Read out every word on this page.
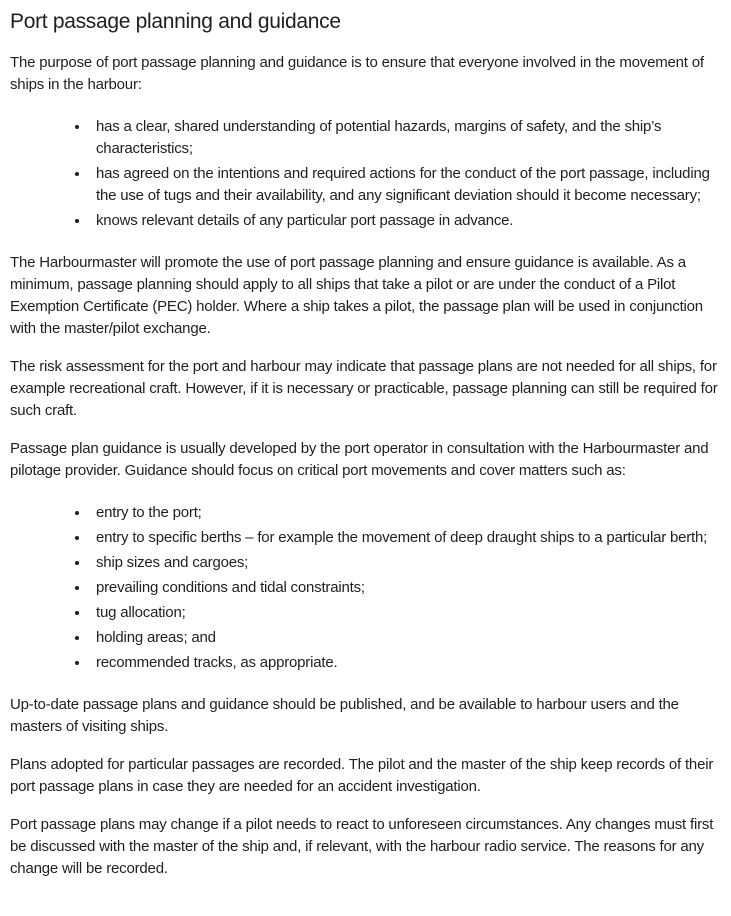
Port passage planning and guidance

The purpose of port passage planning and guidance is to ensure that everyone involved in the movement of ships in the harbour:

• has a clear, shared understanding of potential hazards, margins of safety, and the ship’s characteristics;
• has agreed on the intentions and required actions for the conduct of the port passage, including the use of tugs and their availability, and any significant deviation should it become necessary;
• knows relevant details of any particular port passage in advance.

The Harbourmaster will promote the use of port passage planning and ensure guidance is available. As a minimum, passage planning should apply to all ships that take a pilot or are under the conduct of a Pilot Exemption Certificate (PEC) holder. Where a ship takes a pilot, the passage plan will be used in conjunction with the master/pilot exchange.

The risk assessment for the port and harbour may indicate that passage plans are not needed for all ships, for example recreational craft. However, if it is necessary or practicable, passage planning can still be required for such craft.

Passage plan guidance is usually developed by the port operator in consultation with the Harbourmaster and pilotage provider. Guidance should focus on critical port movements and cover matters such as:

• entry to the port;
• entry to specific berths – for example the movement of deep draught ships to a particular berth;
• ship sizes and cargoes;
• prevailing conditions and tidal constraints;
• tug allocation;
• holding areas; and
• recommended tracks, as appropriate.

Up-to-date passage plans and guidance should be published, and be available to harbour users and the masters of visiting ships.

Plans adopted for particular passages are recorded. The pilot and the master of the ship keep records of their port passage plans in case they are needed for an accident investigation.

Port passage plans may change if a pilot needs to react to unforeseen circumstances. Any changes must first be discussed with the master of the ship and, if relevant, with the harbour radio service. The reasons for any change will be recorded.
